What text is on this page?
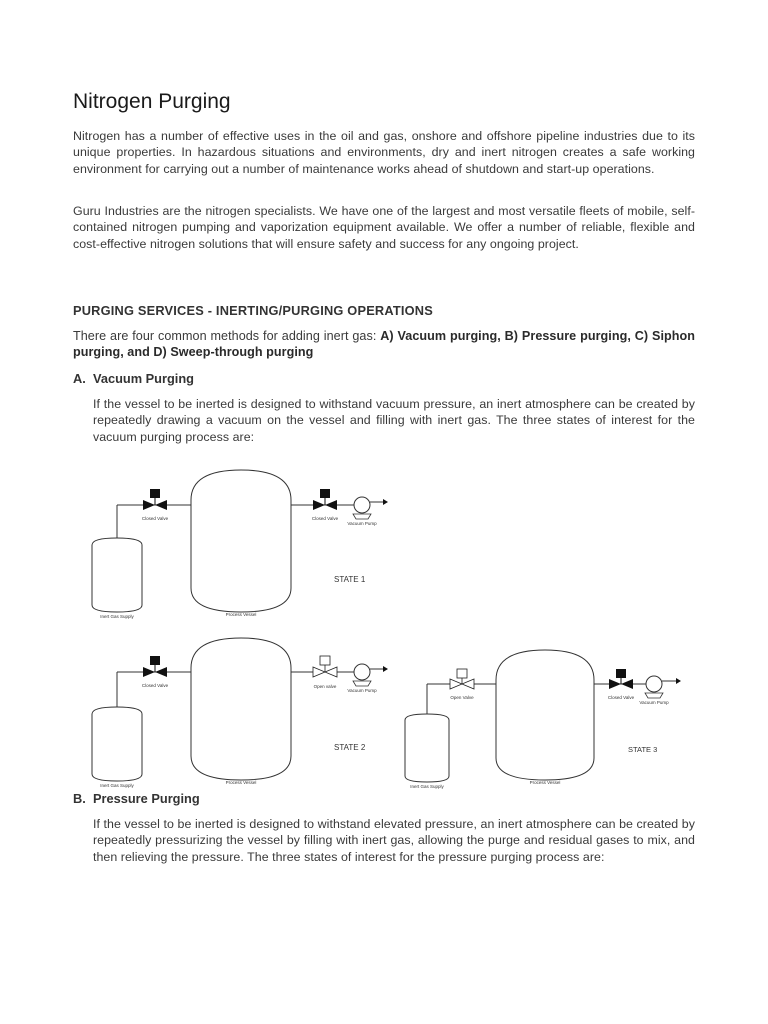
Nitrogen Purging
Nitrogen has a number of effective uses in the oil and gas, onshore and offshore pipeline industries due to its unique properties. In hazardous situations and environments, dry and inert nitrogen creates a safe working environment for carrying out a number of maintenance works ahead of shutdown and start-up operations.
Guru Industries are the nitrogen specialists. We have one of the largest and most versatile fleets of mobile, self-contained nitrogen pumping and vaporization equipment available. We offer a number of reliable, flexible and cost-effective nitrogen solutions that will ensure safety and success for any ongoing project.
PURGING SERVICES - INERTING/PURGING OPERATIONS
There are four common methods for adding inert gas: A) Vacuum purging, B) Pressure purging, C) Siphon purging, and D) Sweep-through purging
A. Vacuum Purging
If the vessel to be inerted is designed to withstand vacuum pressure, an inert atmosphere can be created by repeatedly drawing a vacuum on the vessel and filling with inert gas. The three states of interest for the vacuum purging process are:
Closed Valve	Closed Valve
Vacuum Pump
Inert Gas Supply	Process Vessel
STATE 1
Closed Valve	Open valve
Vacuum Pump
Inert Gas Supply
Process Vessel
STATE 2
Open Valve	Closed Valve
Vacuum Pump
Inert Gas Supply
Process Vessel
STATE 3
B. Pressure Purging
If the vessel to be inerted is designed to withstand elevated pressure, an inert atmosphere can be created by repeatedly pressurizing the vessel by filling with inert gas, allowing the purge and residual gases to mix, and then relieving the pressure. The three states of interest for the pressure purging process are:
